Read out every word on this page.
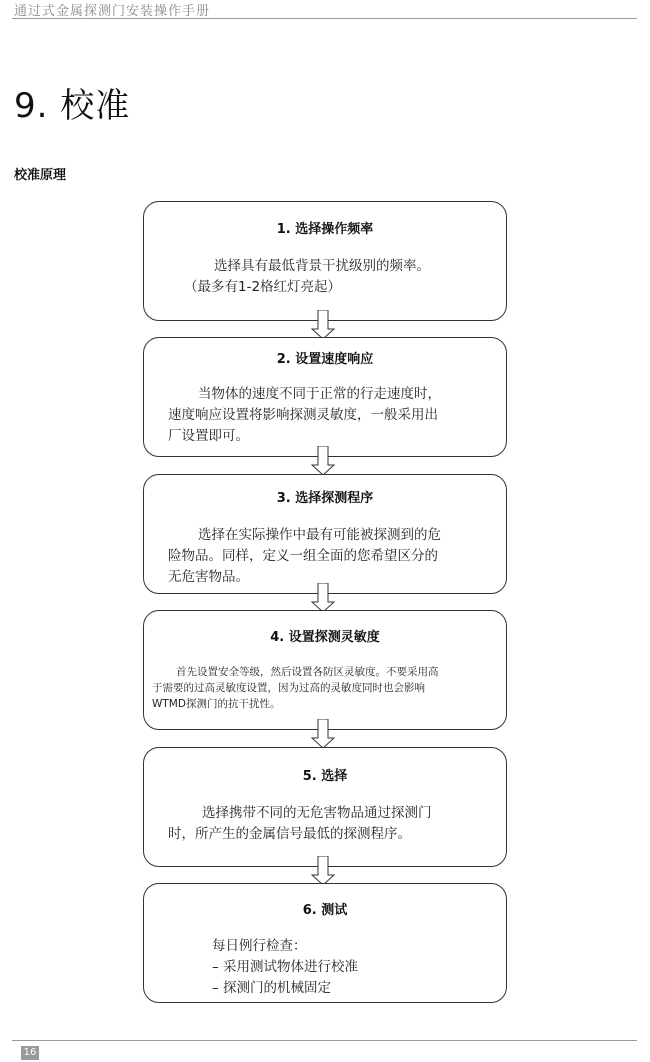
通过式金属探测门安装操作手册
9. 校准
校准原理
1. 选择操作频率
选择具有最低背景干扰级别的频率。
（最多有1-2格红灯亮起）
2. 设置速度响应
当物体的速度不同于正常的行走速度时，
速度响应设置将影响探测灵敏度，一般采用出
厂设置即可。
3. 选择探测程序
选择在实际操作中最有可能被探测到的危
险物品。同样，定义一组全面的您希望区分的
无危害物品。
4. 设置探测灵敏度
首先设置安全等级，然后设置各防区灵敏度。不要采用高
于需要的过高灵敏度设置，因为过高的灵敏度同时也会影响
WTMD探测门的抗干扰性。
5. 选择
选择携带不同的无危害物品通过探测门
时，所产生的金属信号最低的探测程序。
6. 测试
每日例行检查：
– 采用测试物体进行校准
– 探测门的机械固定
16
